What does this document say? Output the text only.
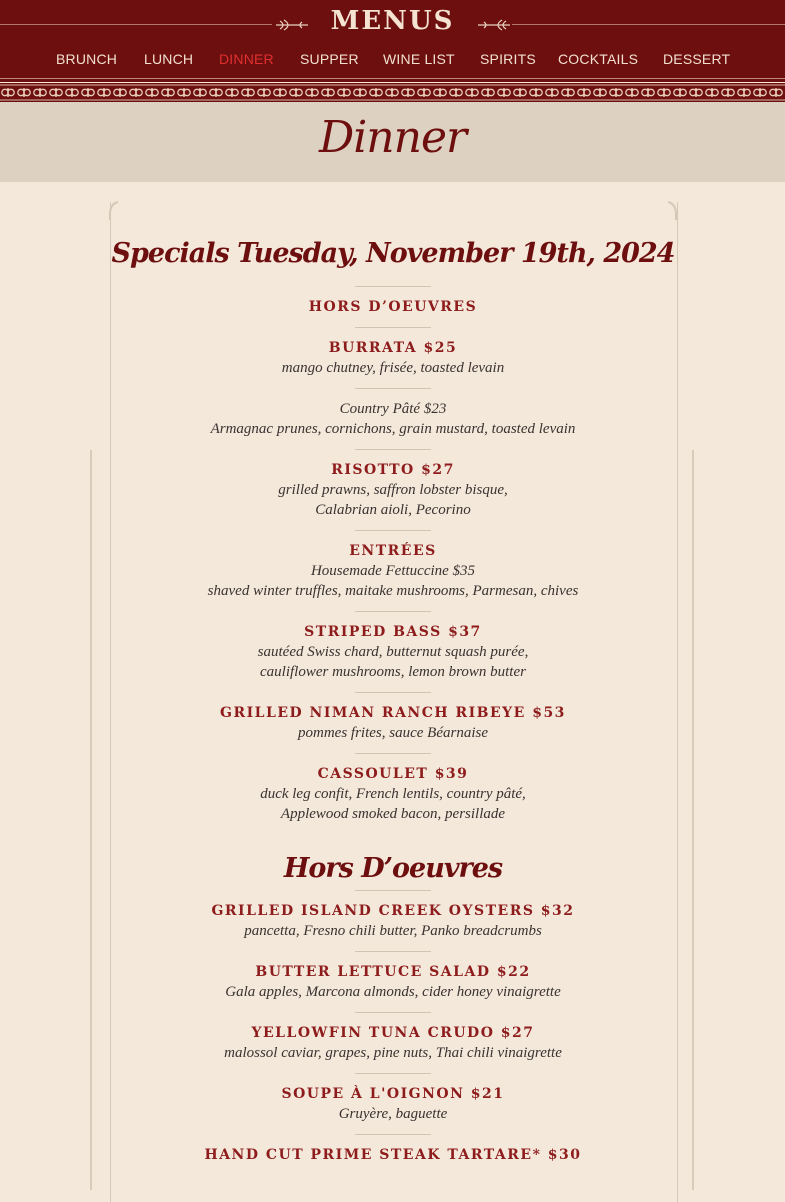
MENUS
BRUNCH LUNCH DINNER SUPPER WINE LIST SPIRITS COCKTAILS DESSERT
Dinner
Specials Tuesday, November 19th, 2024
HORS D’OEUVRES
BURRATA $25
mango chutney, frisée, toasted levain
Country Pâté $23
Armagnac prunes, cornichons, grain mustard, toasted levain
RISOTTO $27
grilled prawns, saffron lobster bisque,
Calabrian aioli, Pecorino
ENTRÉES
Housemade Fettuccine $35
shaved winter truffles, maitake mushrooms, Parmesan, chives
STRIPED BASS $37
sautéed Swiss chard, butternut squash purée,
cauliflower mushrooms, lemon brown butter
GRILLED NIMAN RANCH RIBEYE $53
pommes frites, sauce Béarnaise
CASSOULET $39
duck leg confit, French lentils, country pâté,
Applewood smoked bacon, persillade
Hors D’oeuvres
GRILLED ISLAND CREEK OYSTERS $32
pancetta, Fresno chili butter, Panko breadcrumbs
BUTTER LETTUCE SALAD $22
Gala apples, Marcona almonds, cider honey vinaigrette
YELLOWFIN TUNA CRUDO $27
malossol caviar, grapes, pine nuts, Thai chili vinaigrette
SOUPE À L'OIGNON $21
Gruyère, baguette
HAND CUT PRIME STEAK TARTARE* $30
